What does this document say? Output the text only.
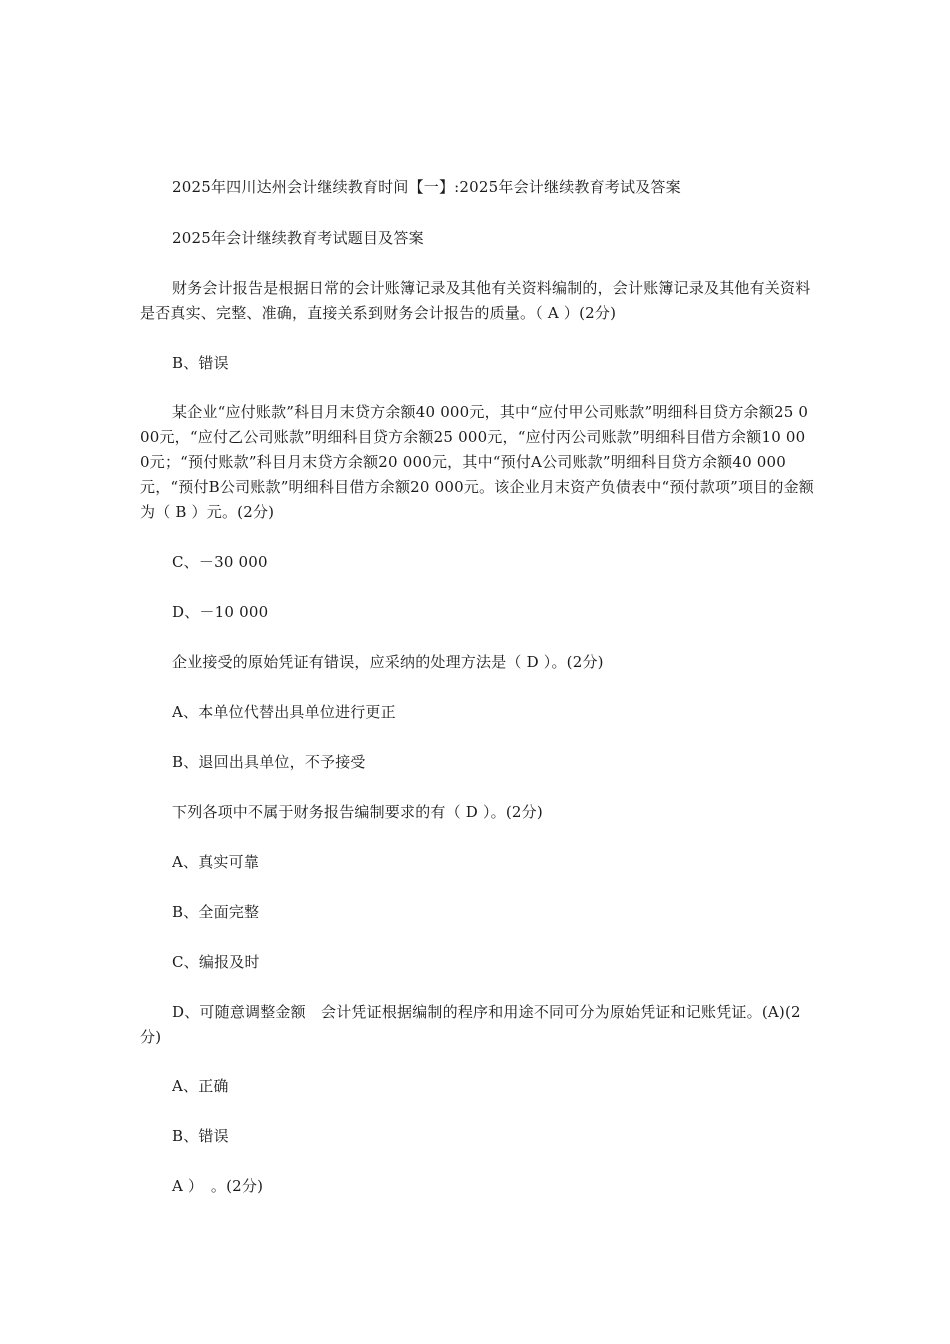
2025年四川达州会计继续教育时间【一】:2025年会计继续教育考试及答案

2025年会计继续教育考试题目及答案

财务会计报告是根据日常的会计账簿记录及其他有关资料编制的，会计账簿记录及其他有关资料是否真实、完整、准确，直接关系到财务会计报告的质量。（ A ）(2分)

B、错误

某企业“应付账款”科目月末贷方余额40 000元，其中“应付甲公司账款”明细科目贷方余额25 000元，“应付乙公司账款”明细科目贷方余额25 000元，“应付丙公司账款”明细科目借方余额10 000元；“预付账款”科目月末贷方余额20 000元，其中“预付A公司账款”明细科目贷方余额40 000元，“预付B公司账款”明细科目借方余额20 000元。该企业月末资产负债表中“预付款项”项目的金额为（ B ）元。(2分)

C、－30 000

D、－10 000

企业接受的原始凭证有错误，应采纳的处理方法是（ D ）。(2分)

A、本单位代替出具单位进行更正

B、退回出具单位，不予接受

下列各项中不属于财务报告编制要求的有（ D ）。(2分)

A、真实可靠

B、全面完整

C、编报及时

D、可随意调整金额　会计凭证根据编制的程序和用途不同可分为原始凭证和记账凭证。(A)(2分)

A、正确

B、错误

A ）　。(2分)
